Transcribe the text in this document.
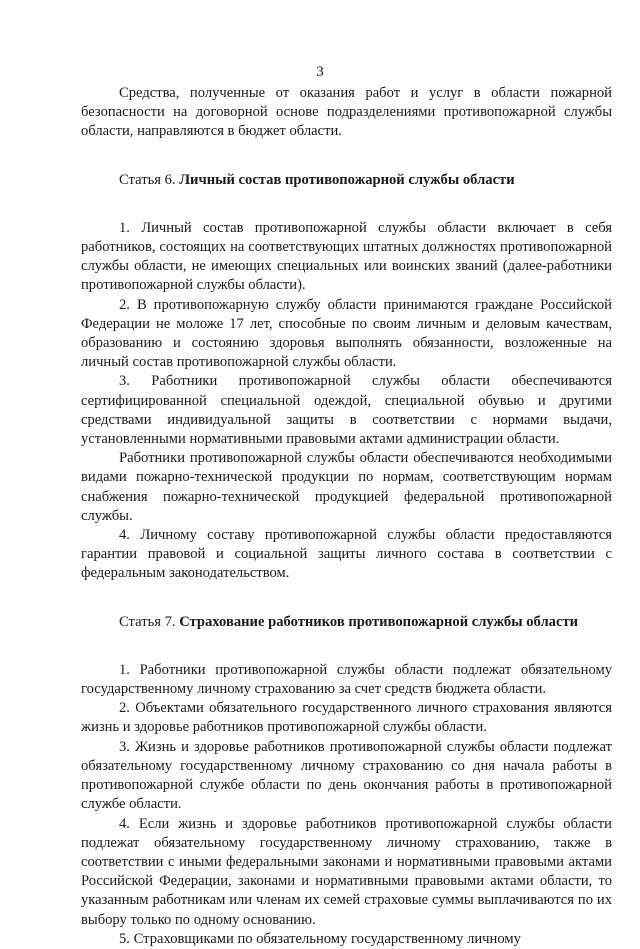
3

Средства, полученные от оказания работ и услуг в области пожарной безопасности на договорной основе подразделениями противопожарной службы области, направляются в бюджет области.

Статья 6. Личный состав противопожарной службы области

1. Личный состав противопожарной службы области включает в себя работников, состоящих на соответствующих штатных должностях противопожарной службы области, не имеющих специальных или воинских званий (далее-работники противопожарной службы области).

2. В противопожарную службу области принимаются граждане Российской Федерации не моложе 17 лет, способные по своим личным и деловым качествам, образованию и состоянию здоровья выполнять обязанности, возложенные на личный состав противопожарной службы области.

3. Работники противопожарной службы области обеспечиваются сертифицированной специальной одеждой, специальной обувью и другими средствами индивидуальной защиты в соответствии с нормами выдачи, установленными нормативными правовыми актами администрации области.

Работники противопожарной службы области обеспечиваются необходимыми видами пожарно-технической продукции по нормам, соответствующим нормам снабжения пожарно-технической продукцией федеральной противопожарной службы.

4. Личному составу противопожарной службы области предоставляются гарантии правовой и социальной защиты личного состава в соответствии с федеральным законодательством.

Статья 7. Страхование работников противопожарной службы области

1. Работники противопожарной службы области подлежат обязательному государственному личному страхованию за счет средств бюджета области.

2. Объектами обязательного государственного личного страхования являются жизнь и здоровье работников противопожарной службы области.

3. Жизнь и здоровье работников противопожарной службы области подлежат обязательному государственному личному страхованию со дня начала работы в противопожарной службе области по день окончания работы в противопожарной службе области.

4. Если жизнь и здоровье работников противопожарной службы области подлежат обязательному государственному личному страхованию, также в соответствии с иными федеральными законами и нормативными правовыми актами Российской Федерации, законами и нормативными правовыми актами области, то указанным работникам или членам их семей страховые суммы выплачиваются по их выбору только по одному основанию.

5. Страховщиками по обязательному государственному личному
